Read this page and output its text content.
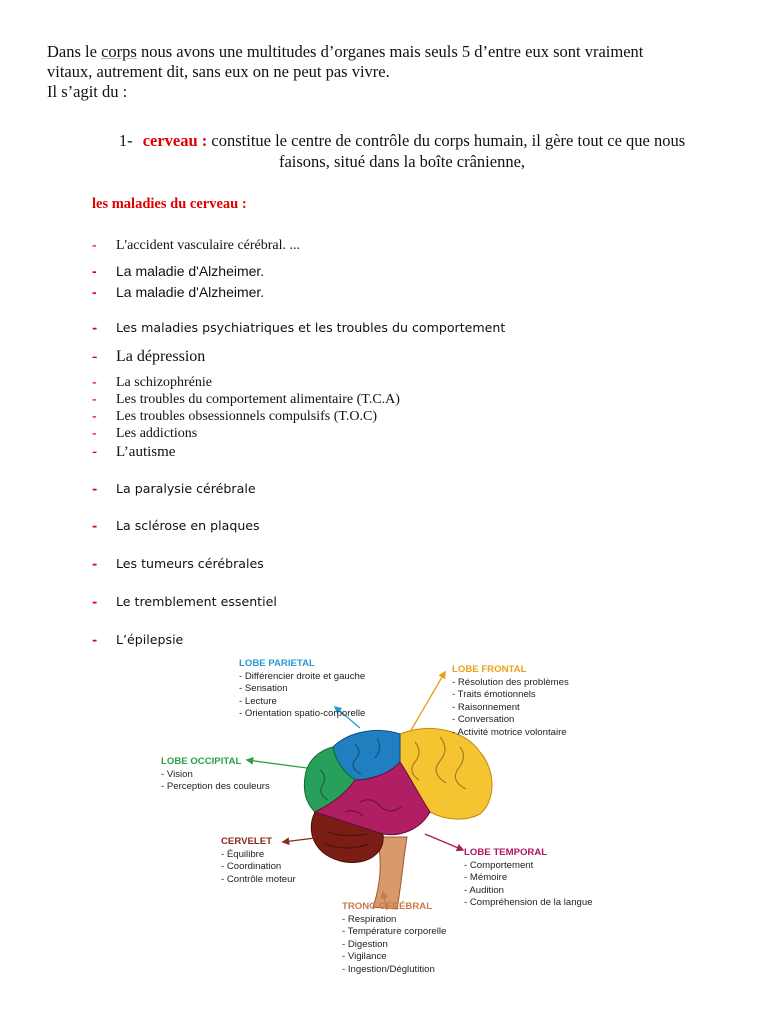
Dans le corps nous avons une multitudes d’organes mais seuls 5 d’entre eux sont vraiment

vitaux, autrement dit, sans eux on ne peut pas vivre.

Il s’agit du :

1- cerveau : constitue le centre de contrôle du corps humain, il gère tout ce que nous faisons, situé dans la boîte crânienne,
les maladies du cerveau :
- L'accident vasculaire cérébral. ...
- La maladie d'Alzheimer.
- La maladie d'Alzheimer.
- Les maladies psychiatriques et les troubles du comportement
- La dépression
- La schizophrénie
- Les troubles du comportement alimentaire (T.C.A)
- Les troubles obsessionnels compulsifs (T.O.C)
- Les addictions
- L’autisme
- La paralysie cérébrale
- La sclérose en plaques
- Les tumeurs cérébrales
- Le tremblement essentiel
- L’épilepsie
LOBE PARIETAL
- Différencier droite et gauche
- Sensation
- Lecture
- Orientation spatio-corporelle
LOBE FRONTAL
- Résolution des problèmes
- Traits émotionnels
- Raisonnement
- Conversation
- Activité motrice volontaire
LOBE OCCIPITAL
- Vision
- Perception des couleurs
CERVELET
- Équilibre
- Coordination
- Contrôle moteur
LOBE TEMPORAL
- Comportement
- Mémoire
- Audition
- Compréhension de la langue
TRONC CÉRÉBRAL
- Respiration
- Température corporelle
- Digestion
- Vigilance
- Ingestion/Déglutition
